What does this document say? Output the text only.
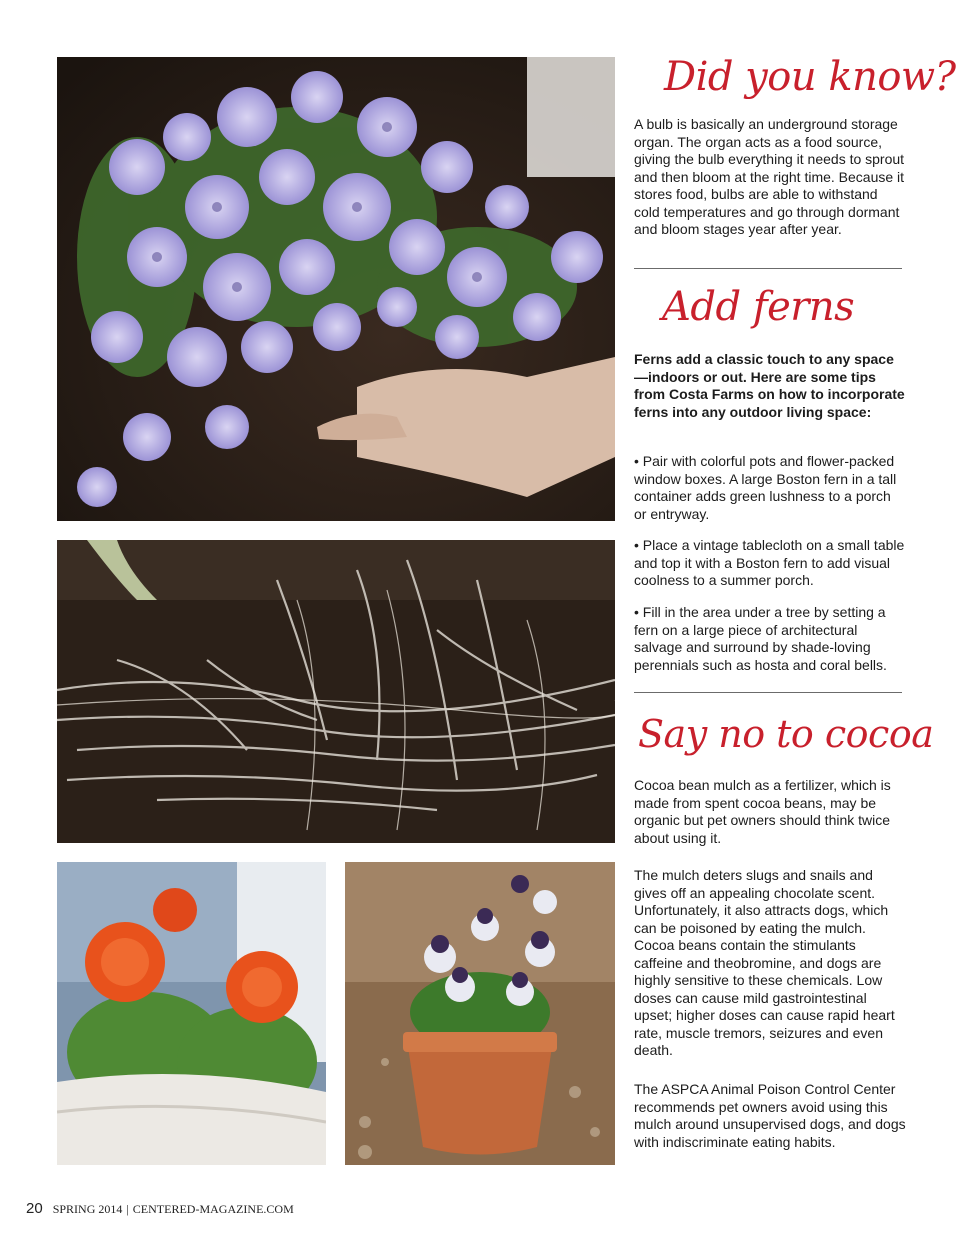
Did you know?

A bulb is basically an underground storage organ. The organ acts as a food source, giving the bulb everything it needs to sprout and then bloom at the right time. Because it stores food, bulbs are able to withstand cold temperatures and go through dormant and bloom stages year after year.

Add ferns

Ferns add a classic touch to any space—indoors or out. Here are some tips from Costa Farms on how to incorporate ferns into any outdoor living space:

• Pair with colorful pots and flower-packed window boxes. A large Boston fern in a tall container adds green lushness to a porch or entryway.

• Place a vintage tablecloth on a small table and top it with a Boston fern to add visual coolness to a summer porch.

• Fill in the area under a tree by setting a fern on a large piece of architectural salvage and surround by shade-loving perennials such as hosta and coral bells.

Say no to cocoa

Cocoa bean mulch as a fertilizer, which is made from spent cocoa beans, may be organic but pet owners should think twice about using it.

The mulch deters slugs and snails and gives off an appealing chocolate scent. Unfortunately, it also attracts dogs, which can be poisoned by eating the mulch. Cocoa beans contain the stimulants caffeine and theobromine, and dogs are highly sensitive to these chemicals. Low doses can cause mild gastrointestinal upset; higher doses can cause rapid heart rate, muscle tremors, seizures and even death.

The ASPCA Animal Poison Control Center recommends pet owners avoid using this mulch around unsupervised dogs, and dogs with indiscriminate eating habits.

20 SPRING 2014 | CENTERED-MAGAZINE.COM
